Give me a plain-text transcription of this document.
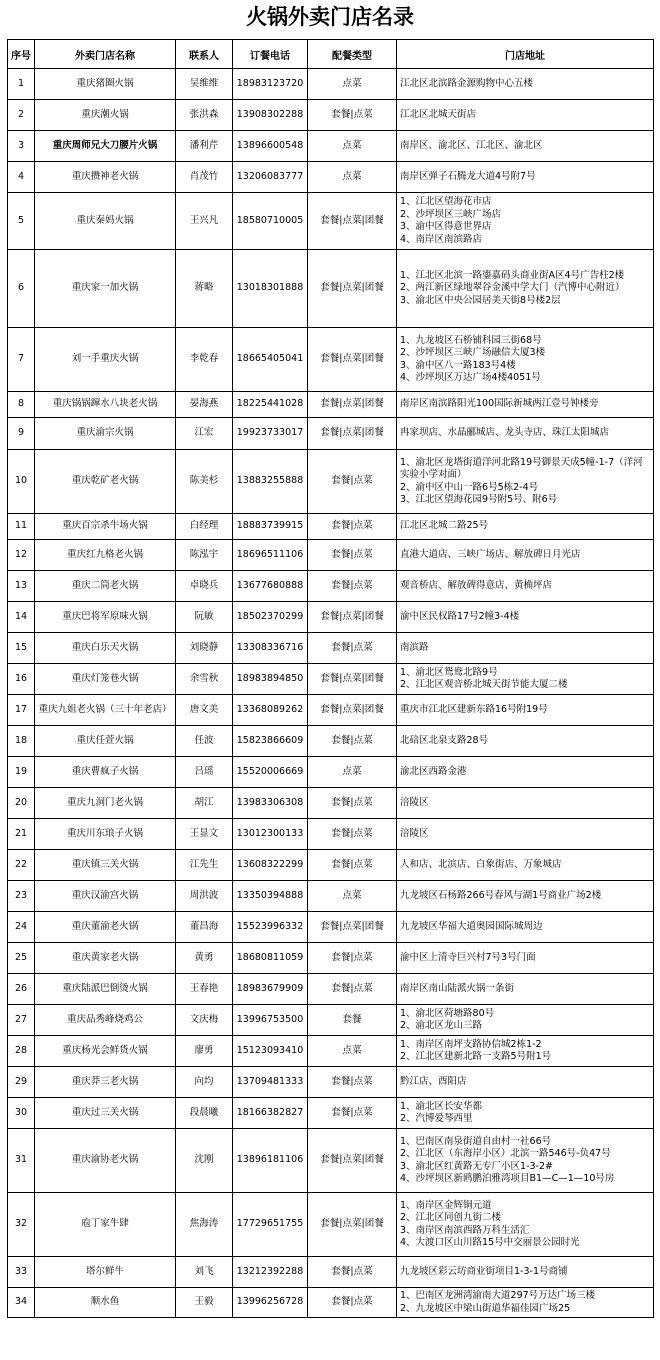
火锅外卖门店名录
序号	外卖门店名称	联系人	订餐电话	配餐类型	门店地址
1	重庆猪圈火锅	吴维维	18983123720	点菜	江北区北滨路金源购物中心五楼

2	重庆潮火锅	张洪森	13908302288	套餐|点菜	江北区北城天街店

3	重庆周师兄大刀腰片火锅	潘利芹	13896600548	点菜	南岸区、渝北区、江北区、渝北区

4	重庆攒神老火锅	肖茂竹	13206083777	点菜	南岸区弹子石腾龙大道4号附7号

5	重庆秦妈火锅	王兴凡	18580710005	套餐|点菜|团餐	1、江北区望海花市店
2、沙坪坝区三峡广场店
3、渝中区得意世界店
4、南岸区南滨路店

6	重庆家一加火锅	蒋略	13018301888	套餐|点菜|团餐	1、江北区北滨一路鎏嘉码头商业街A区4号广告柱2楼
2、两江新区绿地翠谷金溪中学大门（汽博中心附近）
3、渝北区中央公园居美天街8号楼2层

7	刘一手重庆火锅	李乾春	18665405041	套餐|点菜|团餐	1、九龙坡区石桥铺科园三街68号
2、沙坪坝区三峡广场融信大厦3楼
3、渝中区八一路183号4楼
4、沙坪坝区万达广场4楼4051号

8	重庆锅锅蹿水八块老火锅	晏海燕	18225441028	套餐|点菜|团餐	南岸区南滨路阳光100国际新城两江壹号钟楼旁

9	重庆渝宗火锅	江宏	19923733017	套餐|点菜|团餐	冉家坝店、水晶郦城店、龙头寺店、珠江太阳城店

10	重庆乾矿老火锅	陈美杉	13883255888	套餐|点菜	1、渝北区龙塔街道洋河北路19号御景天成5幢-1-7（洋河实验小学对面）
2、渝中区中山一路6号5栋2-4号
3、江北区望海花园9号附5号、附6号

11	重庆百宗杀牛场火锅	白经理	18883739915	套餐|点菜	江北区北城二路25号

12	重庆红九格老火锅	陈泓宇	18696511106	套餐|点菜	直港大道店、三峡广场店、解放碑日月光店

13	重庆二筒老火锅	卓晓兵	13677680888	套餐|点菜	观音桥店、解放碑得意店、黄桷坪店

14	重庆巴将军原味火锅	阮敏	18502370299	套餐|点菜|团餐	渝中区民权路17号2幢3-4楼

15	重庆白乐天火锅	刘晓静	13308336716	套餐|点菜	南滨路

16	重庆灯笼巷火锅	余雪秋	18983894850	套餐|点菜|团餐	1、渝北区鸳鸯北路9号
2、江北区观音桥北城天街节能大厦二楼

17	重庆九姐老火锅（三十年老店）	唐文美	13368089262	套餐|点菜|团餐	重庆市江北区建新东路16号附19号

18	重庆任萱火锅	任波	15823866609	套餐|点菜	北碚区北泉支路28号

19	重庆曹疯子火锅	吕瑶	15520006669	点菜	渝北区西路金港

20	重庆九洞门老火锅	胡江	13983306308	套餐|点菜	涪陵区

21	重庆川东琅子火锅	王显文	13012300133	套餐|点菜	涪陵区

22	重庆镇三关火锅	江先生	13608322299	套餐|点菜	人和店、北滨店、白象街店、万象城店

23	重庆汉渝宫火锅	周洪波	13350394888	点菜	九龙坡区石杨路266号春风与湖1号商业广场2楼

24	重庆董渝老火锅	董昌海	15523996332	套餐|点菜|团餐	九龙坡区华福大道奥园国际城周边

25	重庆黄家老火锅	黄勇	18680811059	套餐|点菜	渝中区上清寺巨兴村7号3号门面

26	重庆陆派巴倒烫火锅	王春艳	18983679909	套餐|点菜	南岸区南山陆派火锅一条街

27	重庆品秀峰烧鸡公	文庆梅	13996753500	套餐	1、渝北区荷塘路80号
2、渝北区龙山三路

28	重庆杨光会鲜货火锅	廖勇	15123093410	点菜	1、南岸区南坪支路协信城2栋1-2
2、江北区建新北路一支路5号附1号

29	重庆莽三老火锅	向均	13709481333	套餐|点菜	黔江店、酉阳店

30	重庆过三关火锅	段晨曦	18166382827	套餐|点菜	1、渝北区长安华都
2、汽博爱琴西里

31	重庆渝协老火锅	沈刚	13896181106	套餐|点菜|团餐	1、巴南区南泉街道自由村一社66号
2、江北区（东海岸小区）北滨一路546号-负47号
3、渝北区红黄路无专厂小区1-3-2#
4、沙坪坝区新鸥鹏泊雅湾项目B1—C—1—10号房

32	庖丁家牛肆	焦海涛	17729651755	套餐|点菜|团餐	1、南岸区金辉铜元道
2、江北区同创九街二楼
3、南岸区南滨西路万科生活汇
4、大渡口区山川路15号中交丽景公园时光

33	塔尔鲜牛	刘飞	13212392288	套餐|点菜	九龙坡区彩云坊商业街项目1-3-1号商铺

34	顺水鱼	王毅	13996256728	套餐|点菜	1、巴南区龙洲湾渝南大道297号万达广场三楼
2、九龙坡区中梁山街道华福佳园广场25
